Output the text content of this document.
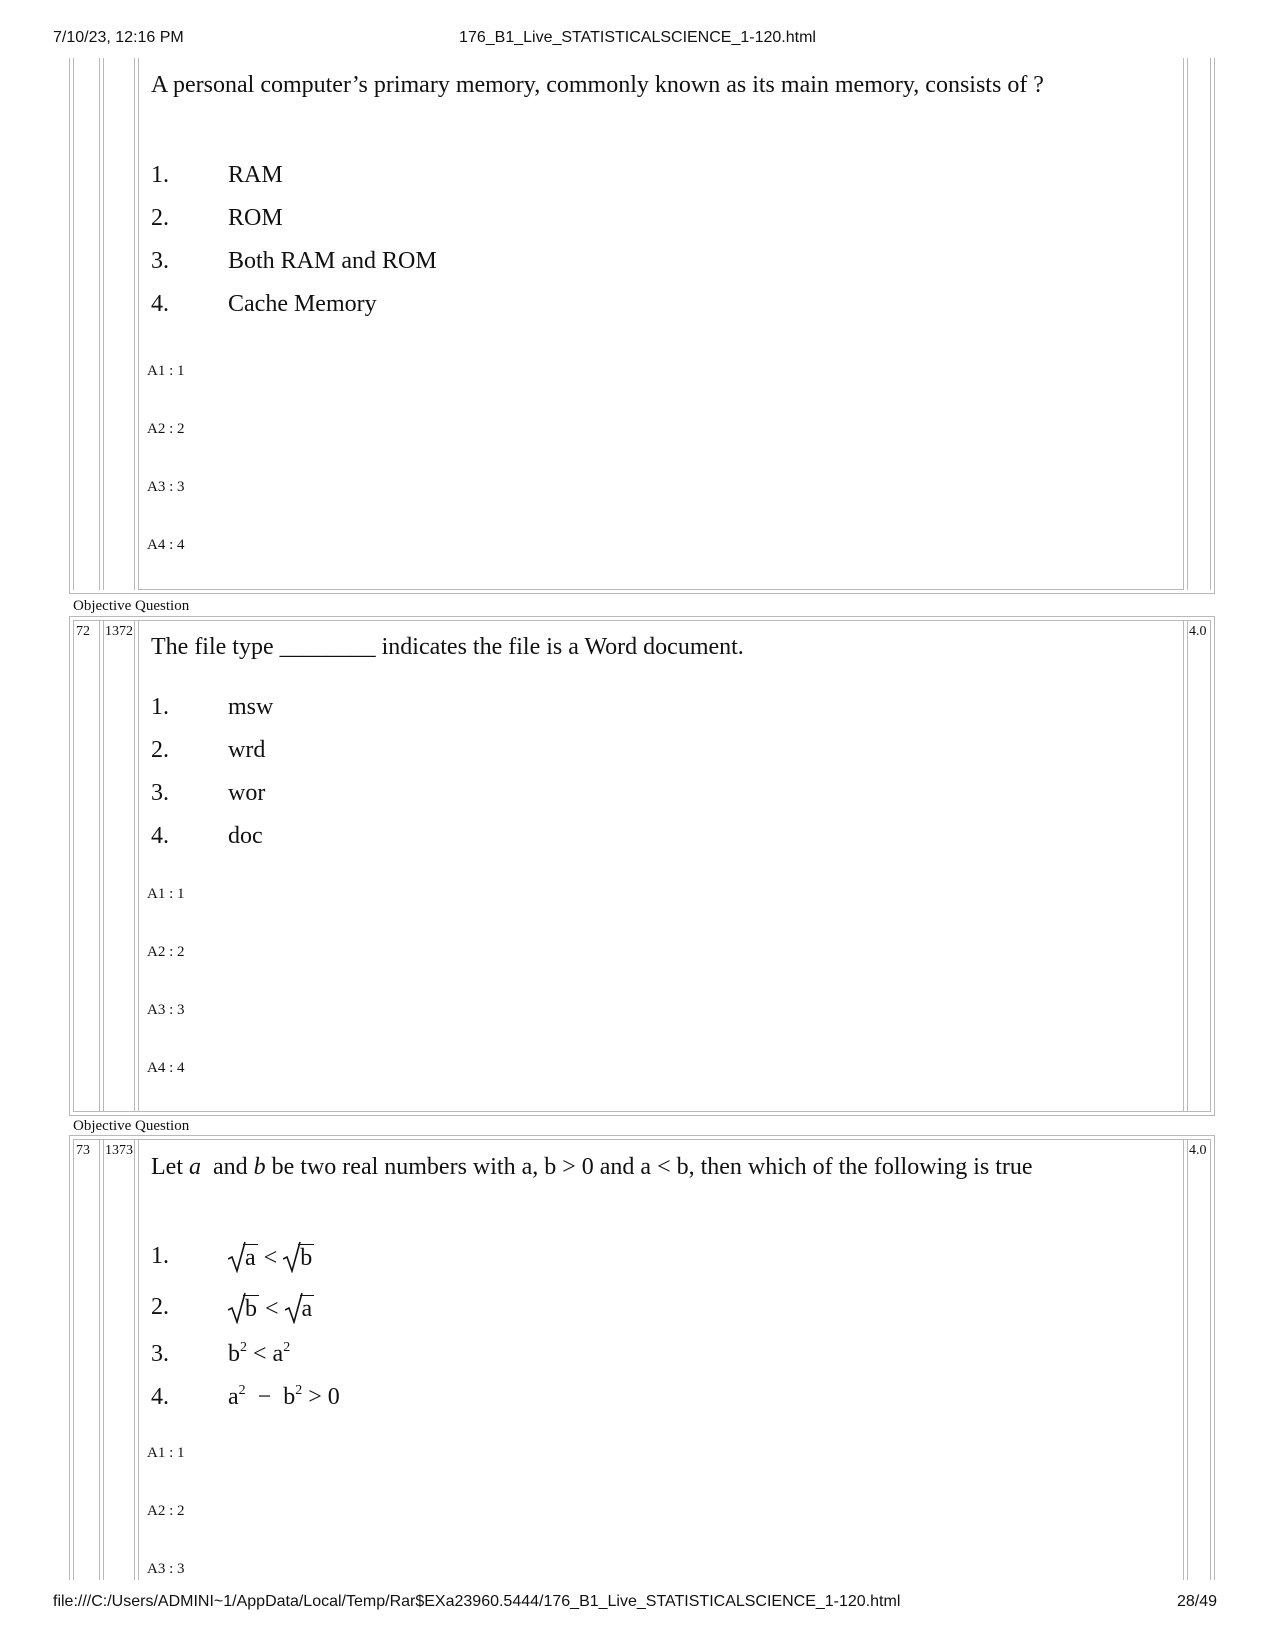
7/10/23, 12:16 PM	176_B1_Live_STATISTICALSCIENCE_1-120.html
A personal computer’s primary memory, commonly known as its main memory, consists of ?
1. RAM
2. ROM
3. Both RAM and ROM
4. Cache Memory
A1 : 1
A2 : 2
A3 : 3
A4 : 4
Objective Question
72 1372	4.0
The file type ________ indicates the file is a Word document.
1. msw
2. wrd
3. wor
4. doc
A1 : 1
A2 : 2
A3 : 3
A4 : 4
Objective Question
73 1373	4.0
Let a  and b be two real numbers with a, b > 0 and a < b, then which of the following is true
1.	a <
b
2.	b <
a
3. $b^2 < a^2$
4. $a^2 - b^2 > 0$
A1 : 1
A2 : 2
A3 : 3
file:///C:/Users/ADMINI~1/AppData/Local/Temp/Rar$EXa23960.5444/176_B1_Live_STATISTICALSCIENCE_1-120.html	28/49
